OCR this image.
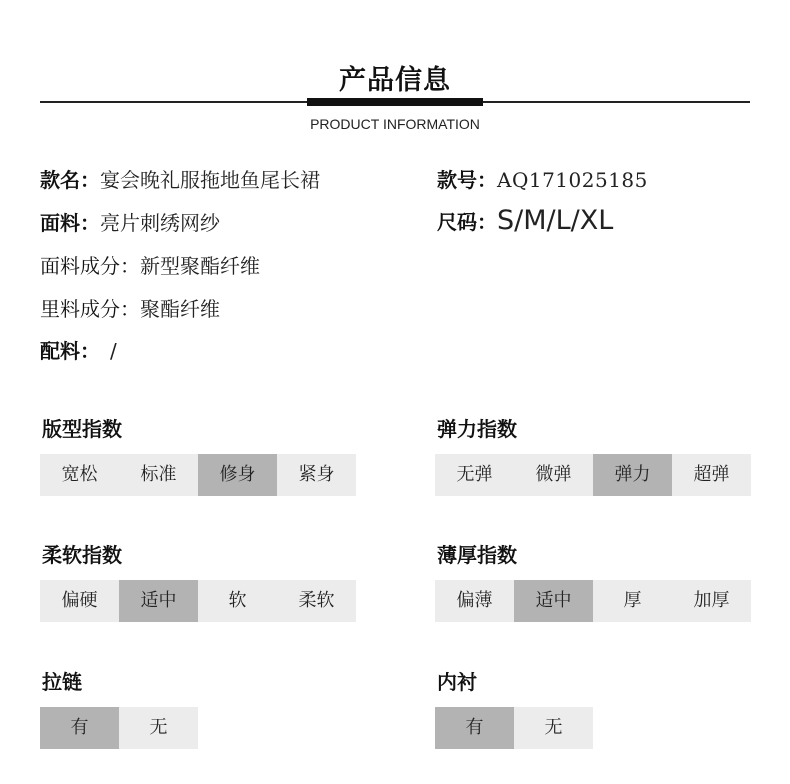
产品信息
PRODUCT INFORMATION
款名：宴会晚礼服拖地鱼尾长裙	款号：AQ171025185
面料：亮片刺绣网纱	尺码：S/M/L/XL
面料成分：新型聚酯纤维
里料成分：聚酯纤维
配料： /
版型指数
宽松	标准	修身	紧身
弹力指数
无弹	微弹	弹力	超弹
柔软指数
偏硬	适中	软	柔软
薄厚指数
偏薄	适中	厚	加厚
拉链
有	无
内衬
有	无
